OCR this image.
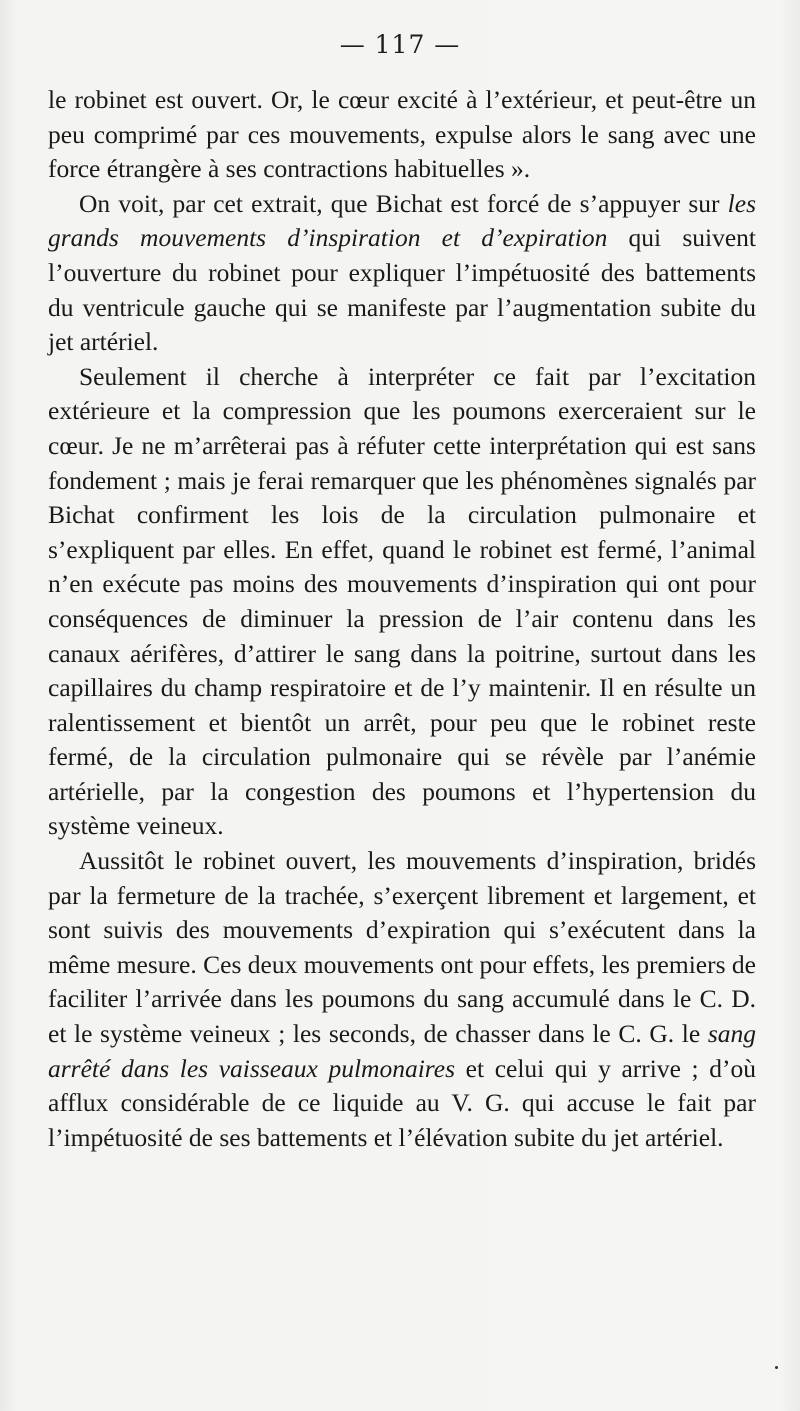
— 117 —

le robinet est ouvert. Or, le cœur excité à l’extérieur, et peut-être un peu comprimé par ces mouvements, expulse alors le sang avec une force étrangère à ses contractions habituelles ».

On voit, par cet extrait, que Bichat est forcé de s’appuyer sur les grands mouvements d’inspiration et d’expiration qui suivent l’ouverture du robinet pour expliquer l’impétuosité des battements du ventricule gauche qui se manifeste par l’augmentation subite du jet artériel.

Seulement il cherche à interpréter ce fait par l’excitation extérieure et la compression que les poumons exerceraient sur le cœur. Je ne m’arrêterai pas à réfuter cette interprétation qui est sans fondement ; mais je ferai remarquer que les phénomènes signalés par Bichat confirment les lois de la circulation pulmonaire et s’expliquent par elles. En effet, quand le robinet est fermé, l’animal n’en exécute pas moins des mouvements d’inspiration qui ont pour conséquences de diminuer la pression de l’air contenu dans les canaux aérifères, d’attirer le sang dans la poitrine, surtout dans les capillaires du champ respiratoire et de l’y maintenir. Il en résulte un ralentissement et bientôt un arrêt, pour peu que le robinet reste fermé, de la circulation pulmonaire qui se révèle par l’anémie artérielle, par la congestion des poumons et l’hypertension du système veineux.

Aussitôt le robinet ouvert, les mouvements d’inspiration, bridés par la fermeture de la trachée, s’exerçent librement et largement, et sont suivis des mouvements d’expiration qui s’exécutent dans la même mesure. Ces deux mouvements ont pour effets, les premiers de faciliter l’arrivée dans les poumons du sang accumulé dans le C. D. et le système veineux ; les seconds, de chasser dans le C. G. le sang arrêté dans les vaisseaux pulmonaires et celui qui y arrive ; d’où afflux considérable de ce liquide au V. G. qui accuse le fait par l’impétuosité de ses battements et l’élévation subite du jet artériel.
